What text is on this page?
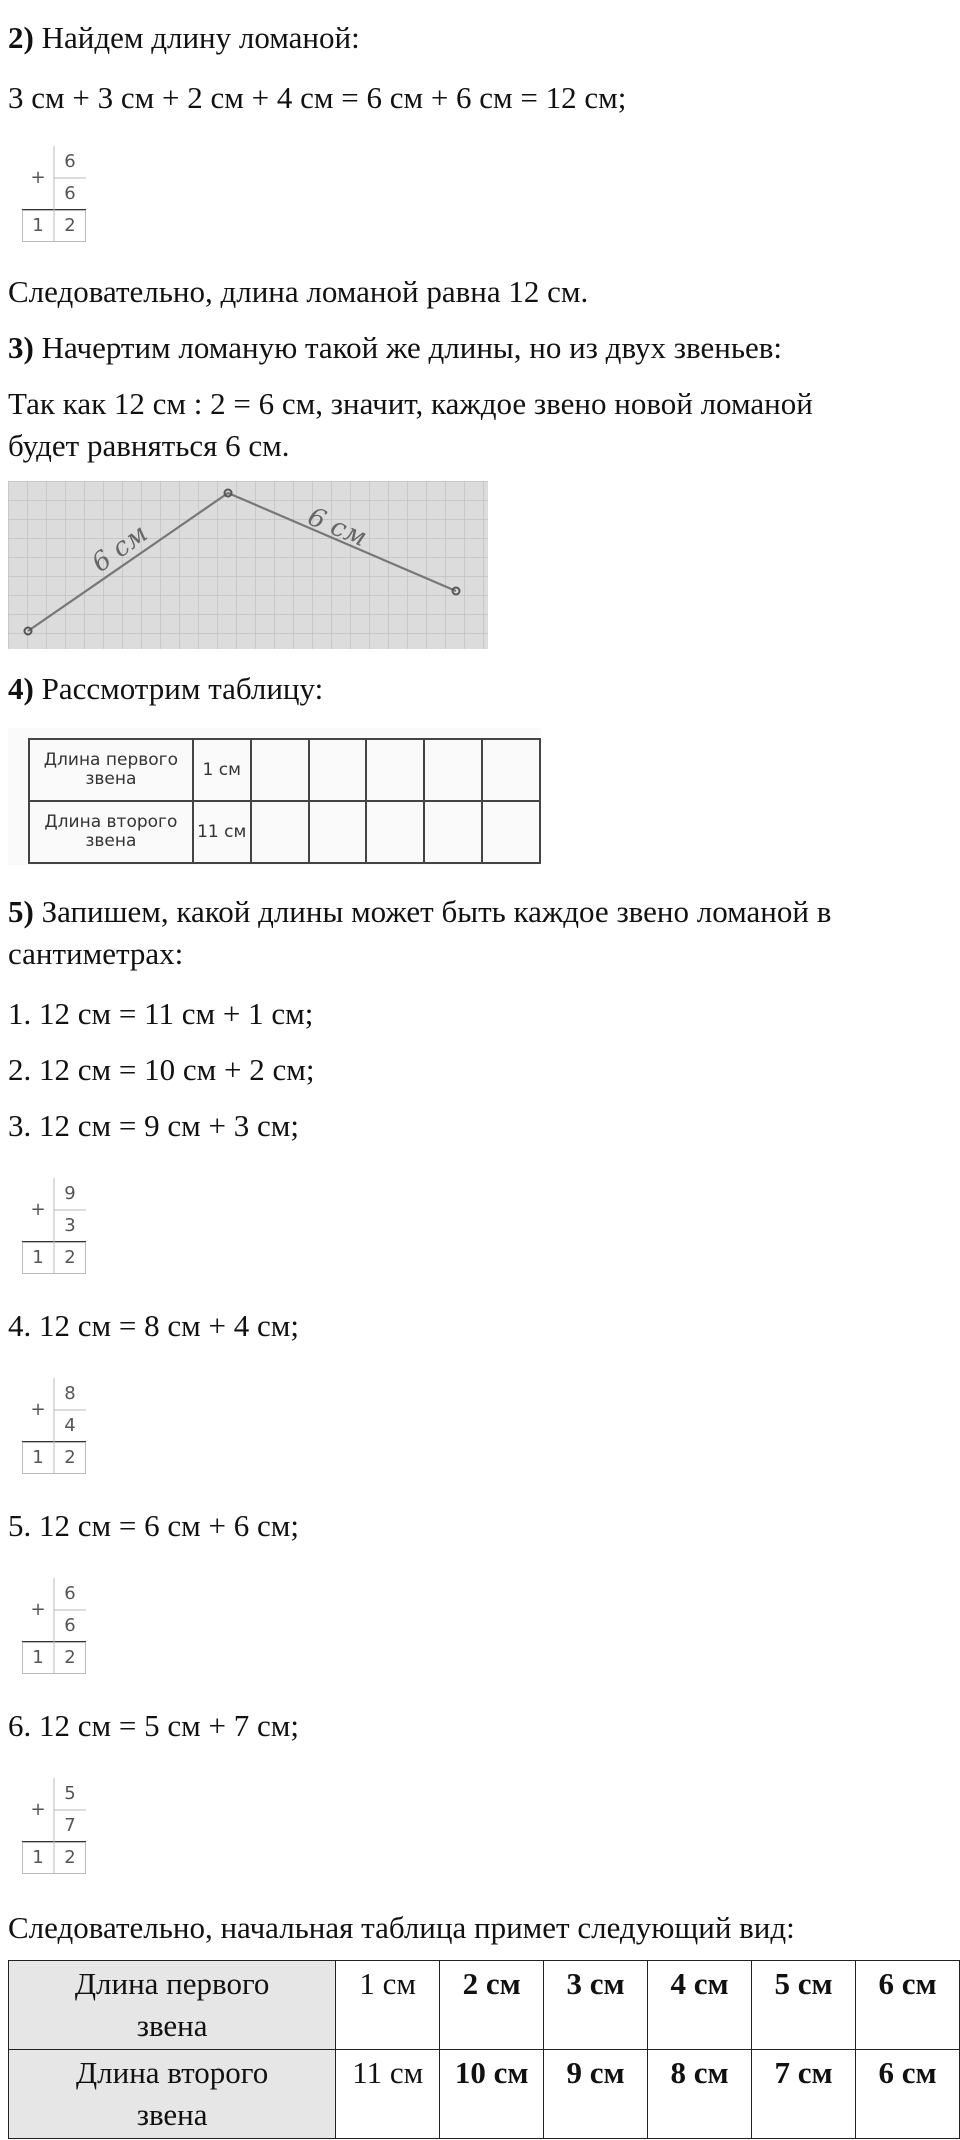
2) Найдем длину ломаной:
3 см + 3 см + 2 см + 4 см = 6 см + 6 см = 12 см;
+
6
6
1	2
Следовательно, длина ломаной равна 12 см.
3) Начертим ломаную такой же длины, но из двух звеньев:
Так как 12 см : 2 = 6 см, значит, каждое звено новой ломаной
будет равняться 6 см.
6 см	6 см
4) Рассмотрим таблицу:
Длина первого
звена	1 см					
Длина второго
звена	11 см					
5) Запишем, какой длины может быть каждое звено ломаной в
сантиметрах:
1. 12 см = 11 см + 1 см;
2. 12 см = 10 см + 2 см;
3. 12 см = 9 см + 3 см;
+
9
3
1	2
4. 12 см = 8 см + 4 см;
+
8
4
1	2
5. 12 см = 6 см + 6 см;
+
6
6
1	2
6. 12 см = 5 см + 7 см;
+
5
7
1	2
Следовательно, начальная таблица примет следующий вид:
Длина первого
звена	1 см	2 см	3 см	4 см	5 см	6 см
Длина второго
звена	11 см	10 см	9 см	8 см	7 см	6 см
